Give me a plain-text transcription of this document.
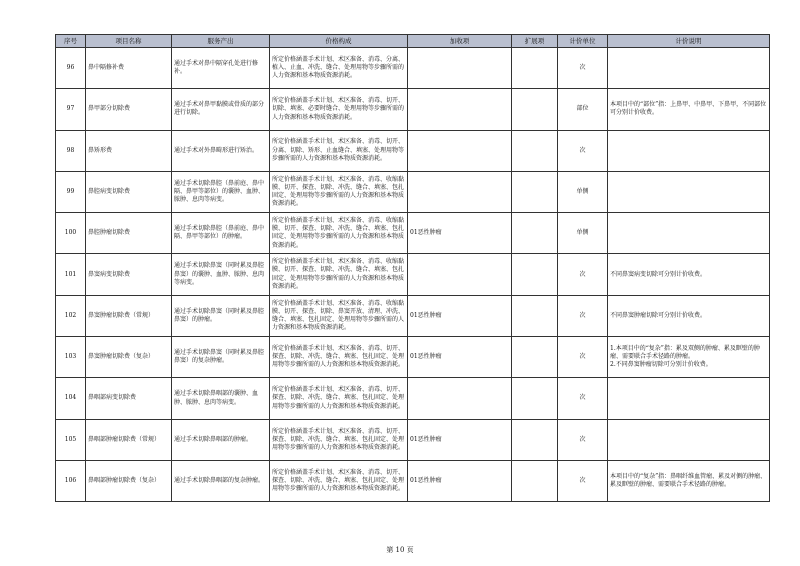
序号	项目名称	服务产出	价格构成	加收项	扩展项	计价单位	计价说明
96	鼻中隔修补费	通过手术对鼻中隔穿孔处进行修补。	所定价格涵盖手术计划、术区准备、消毒、分离、植入、止血、冲洗、缝合、处理用物等步骤所需的人力资源和基本物质资源消耗。			次	
97	鼻甲部分切除费	通过手术对鼻甲黏膜或骨质的部分进行切除。	所定价格涵盖手术计划、术区准备、消毒、切开、切除、填塞、必要时缝合、处理用物等步骤所需的人力资源和基本物质资源消耗。			部位	本项目中的“部位”指：上鼻甲、中鼻甲、下鼻甲，不同部位可分别计价收费。
98	鼻矫形费	通过手术对外鼻畸形进行矫治。	所定价格涵盖手术计划、术区准备、消毒、切开、分离、切除、矫形、止血缝合、填塞、处理用物等步骤所需的人力资源和基本物质资源消耗。			次	
99	鼻腔病变切除费	通过手术切除鼻腔（鼻前庭、鼻中隔、鼻甲等部位）的囊肿、血肿、脓肿、息肉等病变。	所定价格涵盖手术计划、术区准备、消毒、收缩黏膜、切开、探查、切除、冲洗、缝合、填塞、包扎固定、处理用物等步骤所需的人力资源和基本物质资源消耗。			单侧	
100	鼻腔肿瘤切除费	通过手术切除鼻腔（鼻前庭、鼻中隔、鼻甲等部位）的肿瘤。	所定价格涵盖手术计划、术区准备、消毒、收缩黏膜、切开、探查、切除、冲洗、缝合、填塞、包扎固定、处理用物等步骤所需的人力资源和基本物质资源消耗。	01恶性肿瘤		单侧	
101	鼻窦病变切除费	通过手术切除鼻窦（同时累及鼻腔鼻窦）的囊肿、血肿、脓肿、息肉等病变。	所定价格涵盖手术计划、术区准备、消毒、收缩黏膜、切开、探查、切除、冲洗、缝合、填塞、包扎固定、处理用物等步骤所需的人力资源和基本物质资源消耗。			次	不同鼻窦病变切除可分别计价收费。
102	鼻窦肿瘤切除费（常规）	通过手术切除鼻窦（同时累及鼻腔鼻窦）的肿瘤。	所定价格涵盖手术计划、术区准备、消毒、收缩黏膜、切开、探查、切除、鼻窦开放、清理、冲洗、缝合、填塞、包扎固定、处理用物等步骤所需的人力资源和基本物质资源消耗。	01恶性肿瘤		次	不同鼻窦肿瘤切除可分别计价收费。
103	鼻窦肿瘤切除费（复杂）	通过手术切除鼻窦（同时累及鼻腔鼻窦）的复杂肿瘤。	所定价格涵盖手术计划、术区准备、消毒、切开、探查、切除、冲洗、缝合、填塞、包扎固定、处理用物等步骤所需的人力资源和基本物质资源消耗。	01恶性肿瘤		次	1.本项目中的“复杂”指：累及双侧的肿瘤、累及眶壁的肿瘤、需要联合手术径路的肿瘤。
2.不同鼻窦肿瘤切除可分别计价收费。
104	鼻咽部病变切除费	通过手术切除鼻咽部的囊肿、血肿、脓肿、息肉等病变。	所定价格涵盖手术计划、术区准备、消毒、切开、探查、切除、冲洗、缝合、填塞、包扎固定、处理用物等步骤所需的人力资源和基本物质资源消耗。			次	
105	鼻咽部肿瘤切除费（常规）	通过手术切除鼻咽部的肿瘤。	所定价格涵盖手术计划、术区准备、消毒、切开、探查、切除、冲洗、缝合、填塞、包扎固定、处理用物等步骤所需的人力资源和基本物质资源消耗。	01恶性肿瘤		次	
106	鼻咽部肿瘤切除费（复杂）	通过手术切除鼻咽部的复杂肿瘤。	所定价格涵盖手术计划、术区准备、消毒、切开、探查、切除、冲洗、缝合、填塞、包扎固定、处理用物等步骤所需的人力资源和基本物质资源消耗。	01恶性肿瘤		次	本项目中的“复杂”指：鼻咽纤维血管瘤、累及对侧的肿瘤、累及眶壁的肿瘤、需要联合手术径路的肿瘤。
第 10 页
